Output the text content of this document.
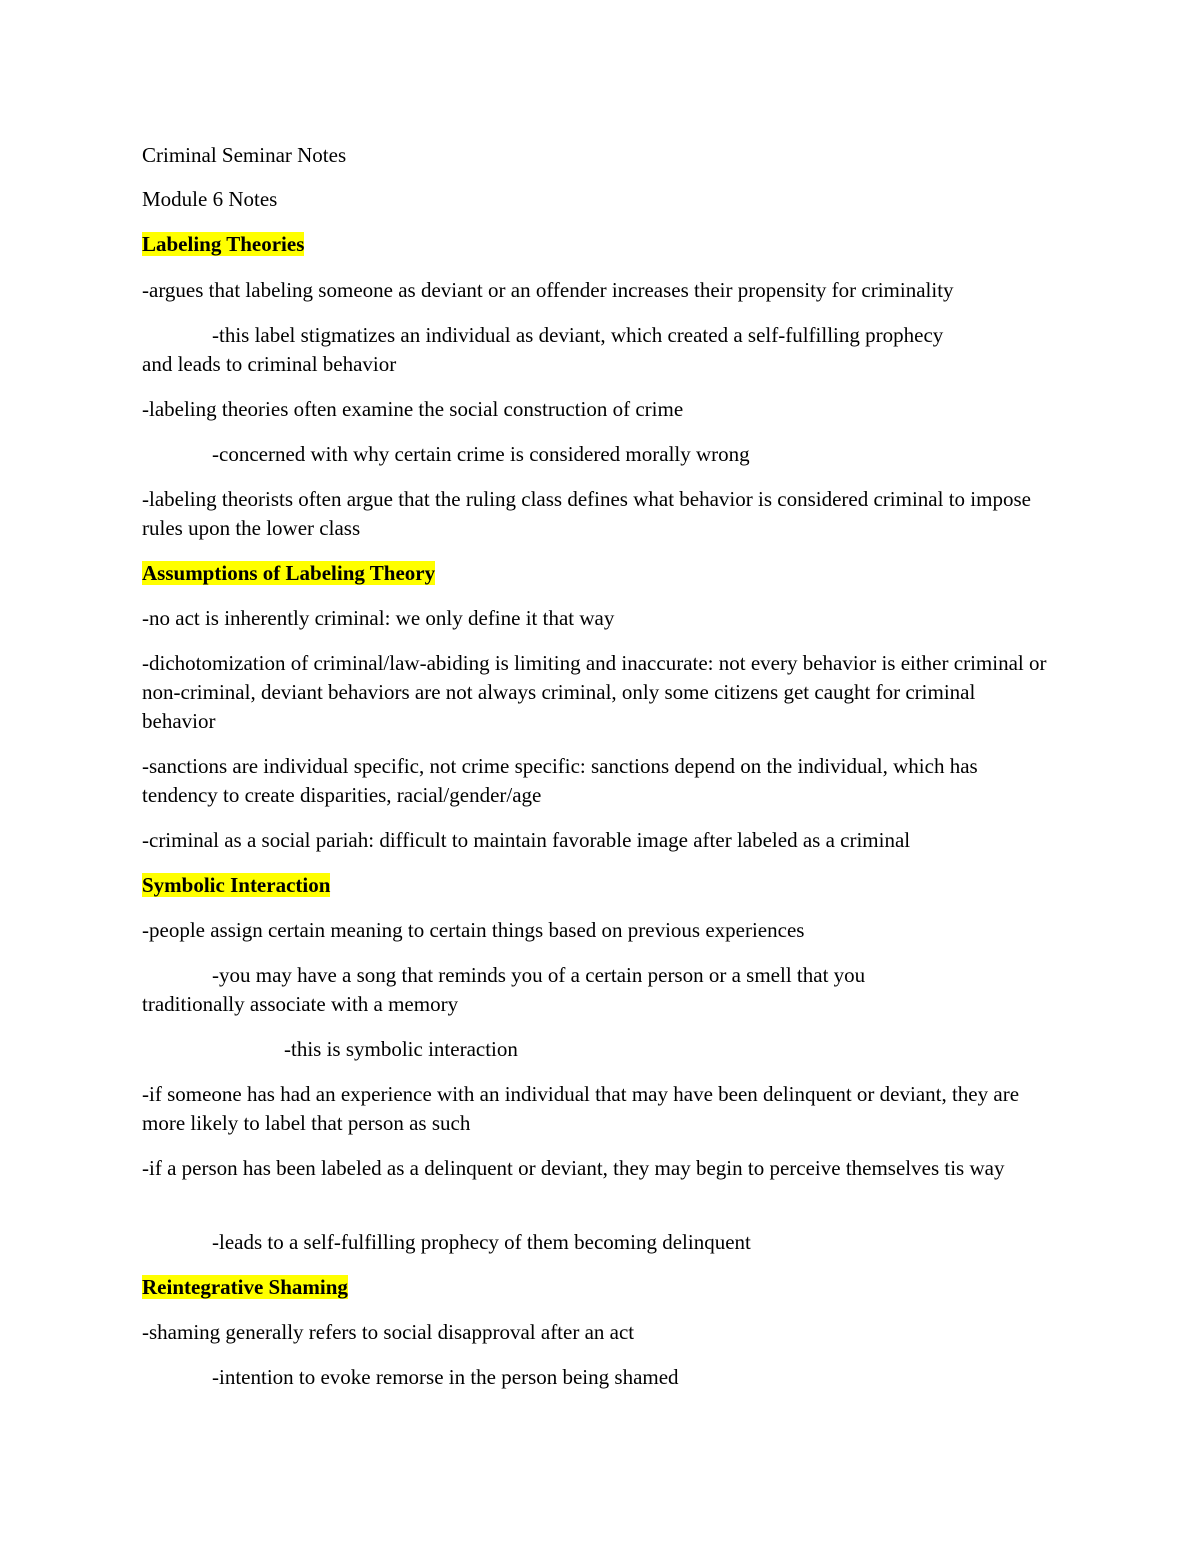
Criminal Seminar Notes

Module 6 Notes

Labeling Theories

-argues that labeling someone as deviant or an offender increases their propensity for criminality

-this label stigmatizes an individual as deviant, which created a self-fulfilling prophecy

and leads to criminal behavior

-labeling theories often examine the social construction of crime

-concerned with why certain crime is considered morally wrong

-labeling theorists often argue that the ruling class defines what behavior is considered criminal to impose rules upon the lower class

Assumptions of Labeling Theory

-no act is inherently criminal: we only define it that way

-dichotomization of criminal/law-abiding is limiting and inaccurate: not every behavior is either criminal or non-criminal, deviant behaviors are not always criminal, only some citizens get caught for criminal behavior

-sanctions are individual specific, not crime specific: sanctions depend on the individual, which has tendency to create disparities, racial/gender/age

-criminal as a social pariah: difficult to maintain favorable image after labeled as a criminal

Symbolic Interaction

-people assign certain meaning to certain things based on previous experiences

-you may have a song that reminds you of a certain person or a smell that you

traditionally associate with a memory

-this is symbolic interaction

-if someone has had an experience with an individual that may have been delinquent or deviant, they are more likely to label that person as such

-if a person has been labeled as a delinquent or deviant, they may begin to perceive themselves tis way

-leads to a self-fulfilling prophecy of them becoming delinquent

Reintegrative Shaming

-shaming generally refers to social disapproval after an act

-intention to evoke remorse in the person being shamed
